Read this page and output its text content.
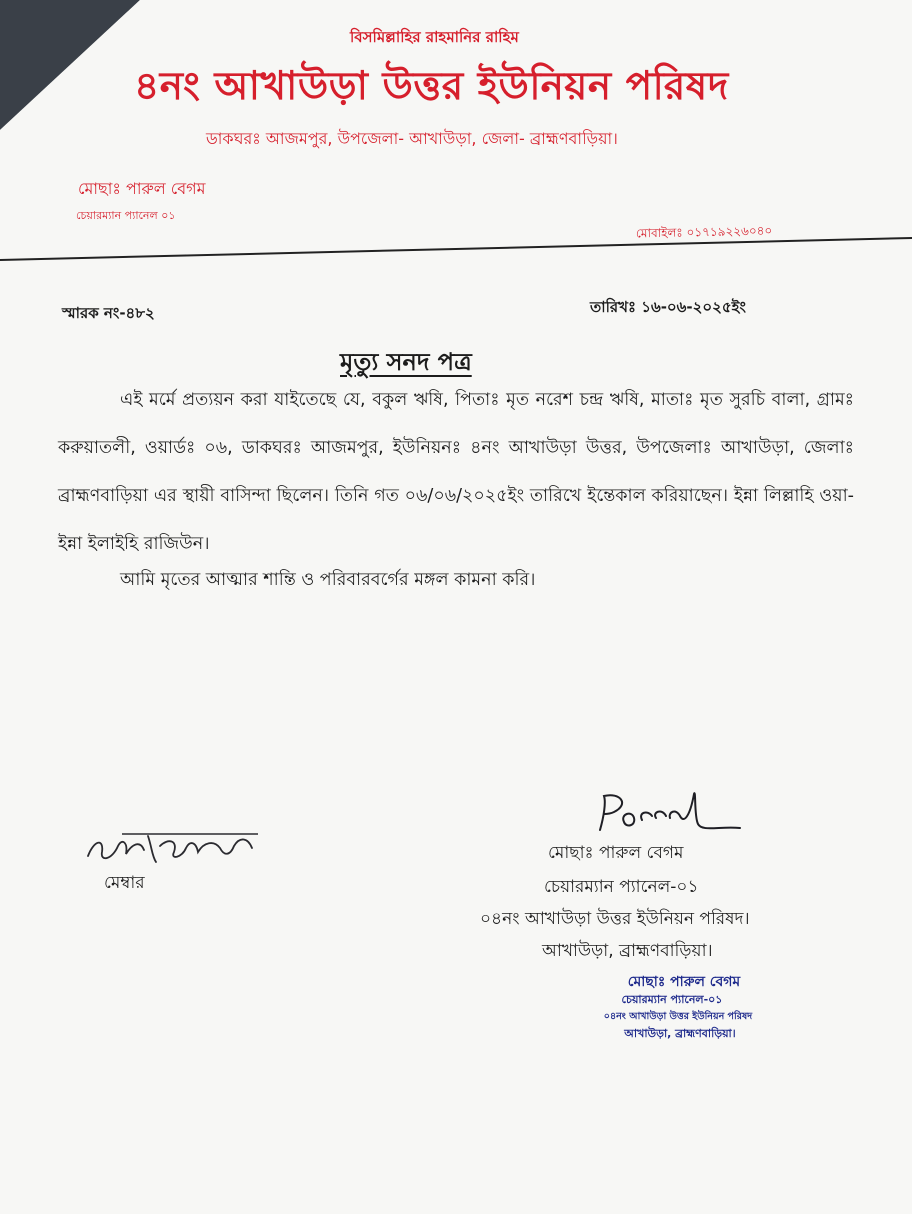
বিসমিল্লাহির রাহমানির রাহিম
৪নং আখাউড়া উত্তর ইউনিয়ন পরিষদ
ডাকঘরঃ আজমপুর, উপজেলা- আখাউড়া, জেলা- ব্রাহ্মণবাড়িয়া।
মোছাঃ পারুল বেগম
চেয়ারম্যান প্যানেল ০১
মোবাইলঃ ০১৭১৯২২৬০৪০
স্মারক নং-৪৮২	তারিখঃ ১৬-০৬-২০২৫ইং
মৃত্যু সনদ পত্র
এই মর্মে প্রত্যয়ন করা যাইতেছে যে, বকুল ঋষি, পিতাঃ মৃত নরেশ চন্দ্র ঋষি, মাতাঃ মৃত সুরচি বালা, গ্রামঃ করুয়াতলী, ওয়ার্ডঃ ০৬, ডাকঘরঃ আজমপুর, ইউনিয়নঃ ৪নং আখাউড়া উত্তর, উপজেলাঃ আখাউড়া, জেলাঃ ব্রাহ্মণবাড়িয়া এর স্থায়ী বাসিন্দা ছিলেন। তিনি গত ০৬/০৬/২০২৫ইং তারিখে ইন্তেকাল করিয়াছেন। ইন্না লিল্লাহি ওয়া- ইন্না ইলাইহি রাজিউন।
আমি মৃতের আত্মার শান্তি ও পরিবারবর্গের মঙ্গল কামনা করি।
মেম্বার
মোছাঃ পারুল বেগম
চেয়ারম্যান প্যানেল-০১
০৪নং আখাউড়া উত্তর ইউনিয়ন পরিষদ।
আখাউড়া, ব্রাহ্মণবাড়িয়া।
মোছাঃ পারুল বেগম
চেয়ারম্যান প্যানেল-০১
০৪নং আখাউড়া উত্তর ইউনিয়ন পরিষদ
আখাউড়া, ব্রাহ্মণবাড়িয়া।
